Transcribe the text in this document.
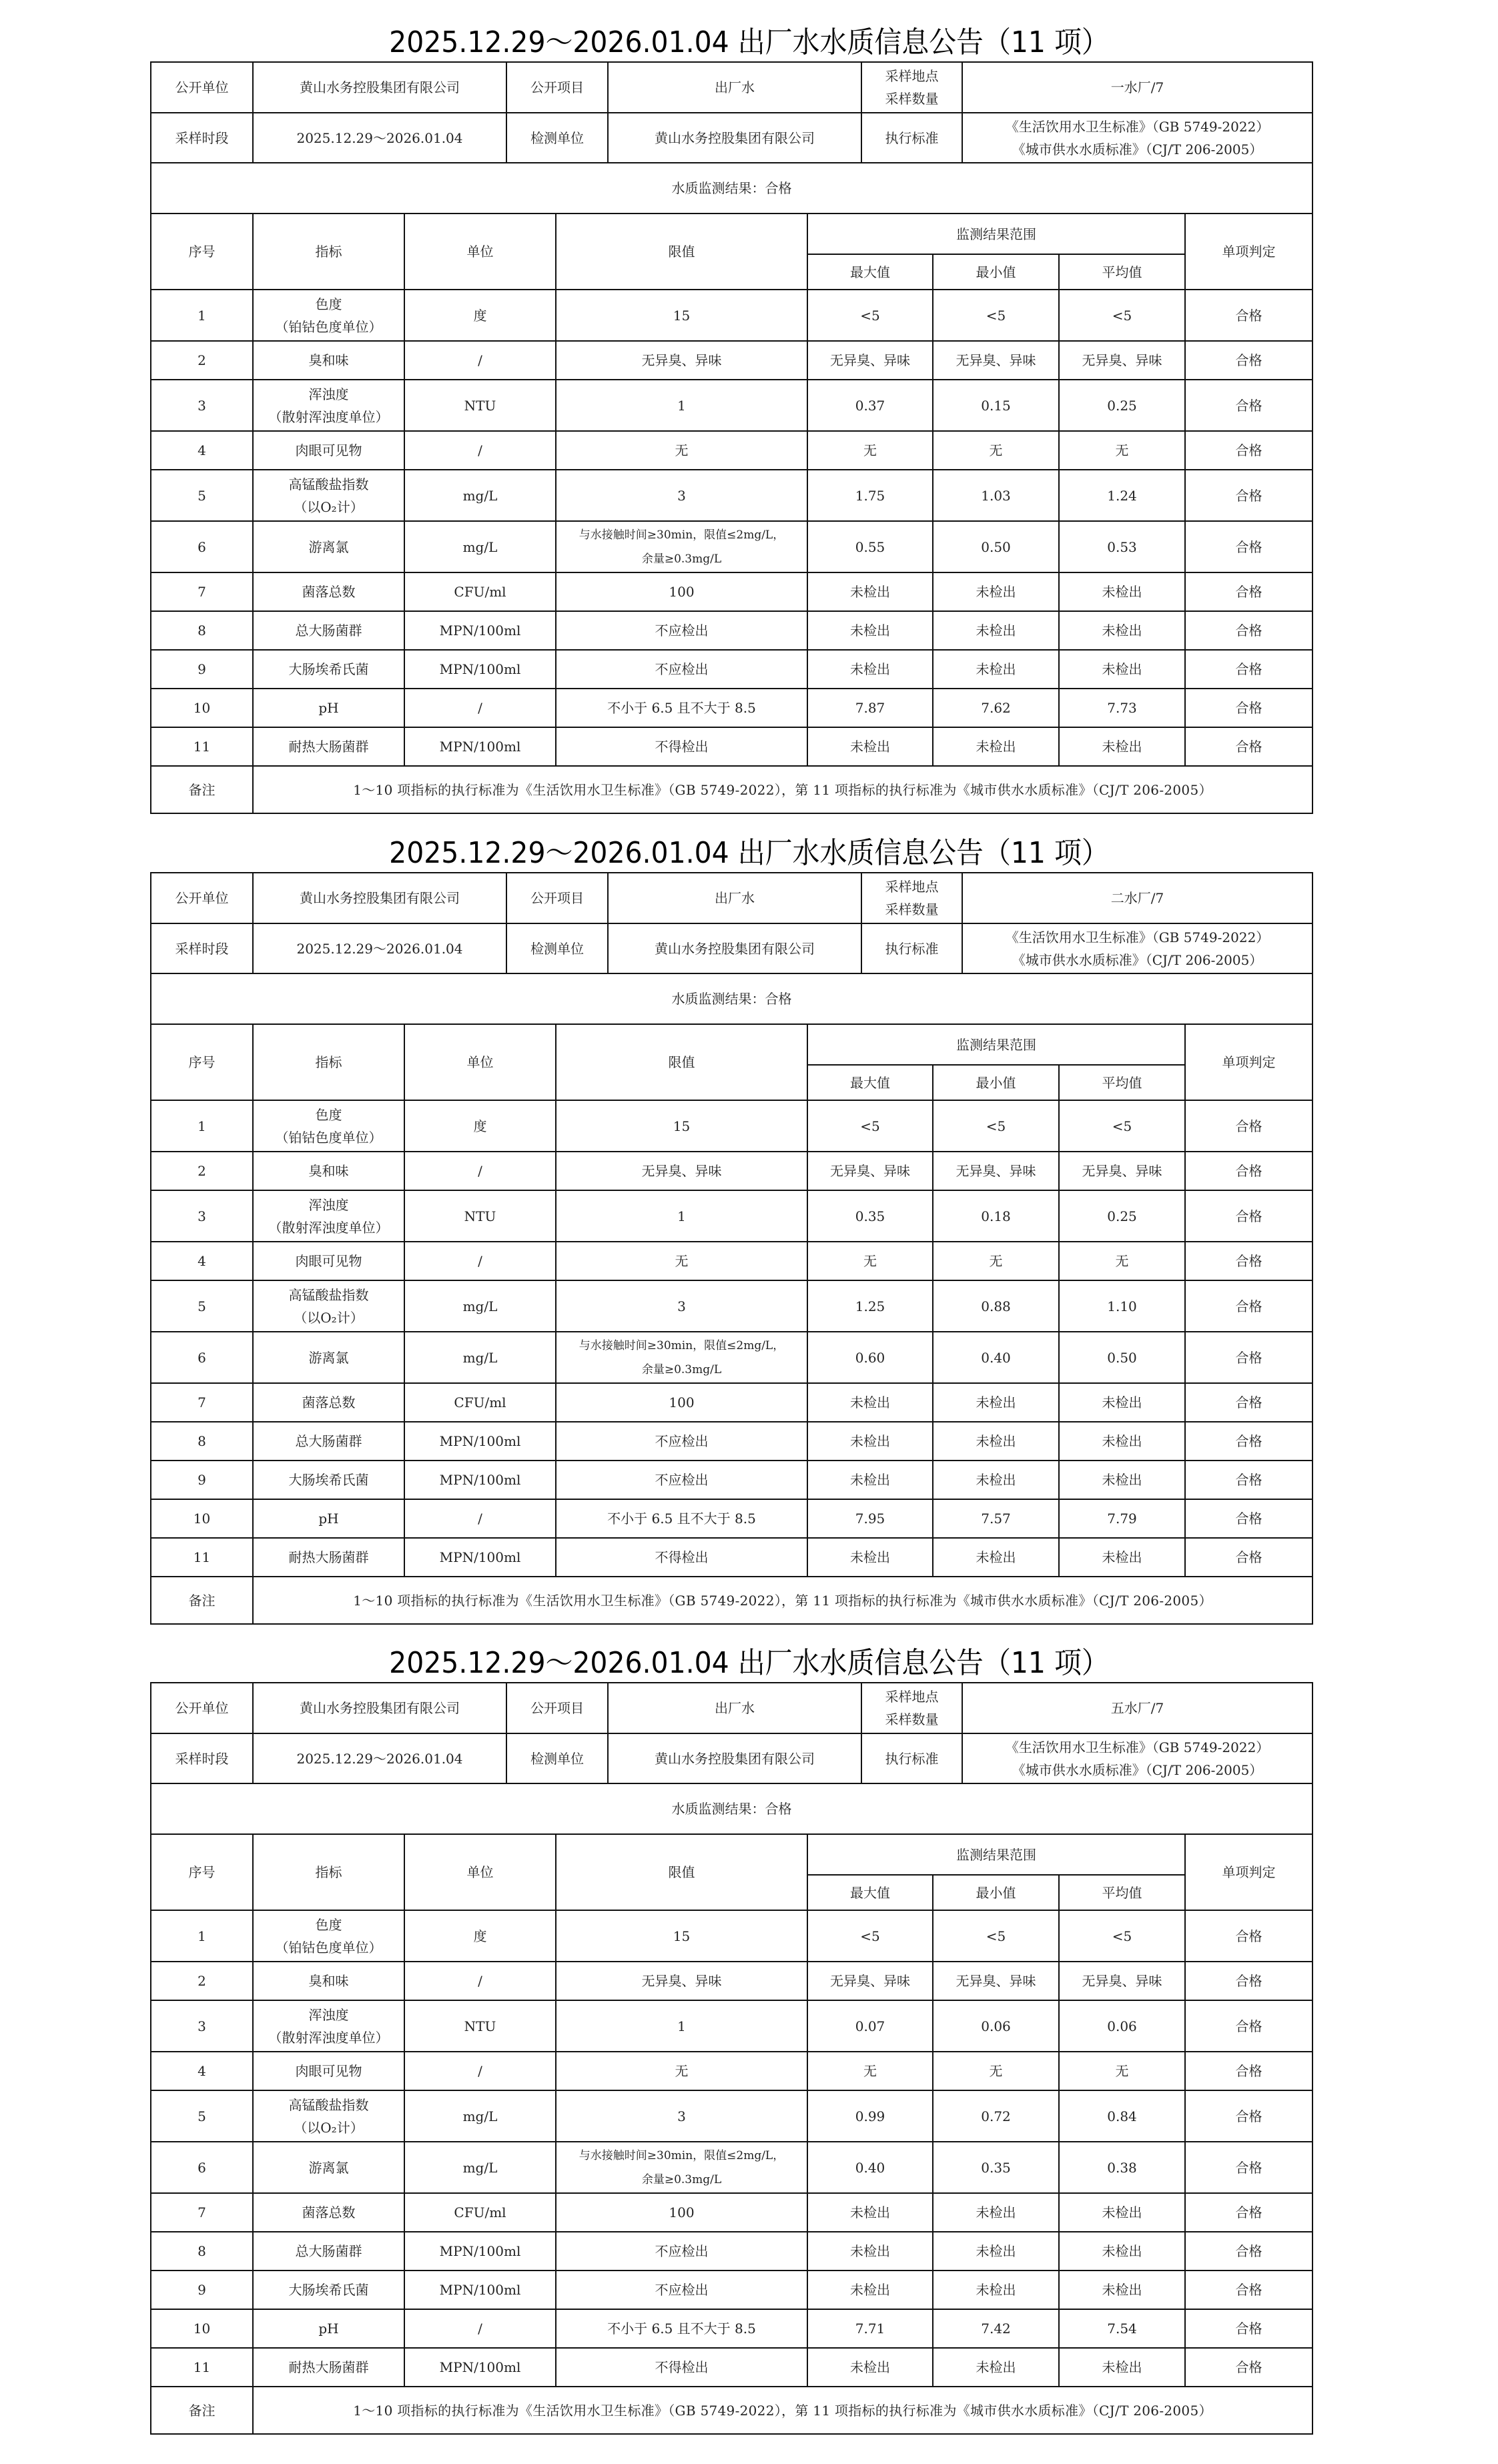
2025.12.29～2026.01.04 出厂水水质信息公告（11 项）
公开单位	黄山水务控股集团有限公司	公开项目	出厂水	采样地点
采样数量	一水厂/7
采样时段	2025.12.29～2026.01.04	检测单位	黄山水务控股集团有限公司	执行标准	《生活饮用水卫生标准》（GB 5749-2022）
《城市供水水质标准》（CJ/T 206-2005）

水质监测结果：合格					
序号	指标	单位	限值	监测结果范围			单项判定
				最大值	最小值	平均值	
1	色度
（铂钴色度单位）	度	15	<5	<5	<5	合格
2	臭和味	/	无异臭、异味	无异臭、异味	无异臭、异味	无异臭、异味	合格
3	浑浊度
（散射浑浊度单位）	NTU	1	0.37	0.15	0.25	合格
4	肉眼可见物	/	无	无	无	无	合格
5	高锰酸盐指数
（以O₂计）	mg/L	3	1.75	1.03	1.24	合格
6	游离氯	mg/L	与水接触时间≥30min，限值≤2mg/L，
余量≥0.3mg/L	0.55	0.50	0.53	合格
7	菌落总数	CFU/ml	100	未检出	未检出	未检出	合格
8	总大肠菌群	MPN/100ml	不应检出	未检出	未检出	未检出	合格
9	大肠埃希氏菌	MPN/100ml	不应检出	未检出	未检出	未检出	合格
10	pH	/	不小于 6.5 且不大于 8.5	7.87	7.62	7.73	合格
11	耐热大肠菌群	MPN/100ml	不得检出	未检出	未检出	未检出	合格
备注	1～10 项指标的执行标准为《生活饮用水卫生标准》（GB 5749-2022），第 11 项指标的执行标准为《城市供水水质标准》（CJ/T 206-2005）						
2025.12.29～2026.01.04 出厂水水质信息公告（11 项）
公开单位	黄山水务控股集团有限公司	公开项目	出厂水	采样地点
采样数量	二水厂/7
采样时段	2025.12.29～2026.01.04	检测单位	黄山水务控股集团有限公司	执行标准	《生活饮用水卫生标准》（GB 5749-2022）
《城市供水水质标准》（CJ/T 206-2005）

水质监测结果：合格					
序号	指标	单位	限值	监测结果范围			单项判定
				最大值	最小值	平均值	
1	色度
（铂钴色度单位）	度	15	<5	<5	<5	合格
2	臭和味	/	无异臭、异味	无异臭、异味	无异臭、异味	无异臭、异味	合格
3	浑浊度
（散射浑浊度单位）	NTU	1	0.35	0.18	0.25	合格
4	肉眼可见物	/	无	无	无	无	合格
5	高锰酸盐指数
（以O₂计）	mg/L	3	1.25	0.88	1.10	合格
6	游离氯	mg/L	与水接触时间≥30min，限值≤2mg/L，
余量≥0.3mg/L	0.60	0.40	0.50	合格
7	菌落总数	CFU/ml	100	未检出	未检出	未检出	合格
8	总大肠菌群	MPN/100ml	不应检出	未检出	未检出	未检出	合格
9	大肠埃希氏菌	MPN/100ml	不应检出	未检出	未检出	未检出	合格
10	pH	/	不小于 6.5 且不大于 8.5	7.95	7.57	7.79	合格
11	耐热大肠菌群	MPN/100ml	不得检出	未检出	未检出	未检出	合格
备注	1～10 项指标的执行标准为《生活饮用水卫生标准》（GB 5749-2022），第 11 项指标的执行标准为《城市供水水质标准》（CJ/T 206-2005）						
2025.12.29～2026.01.04 出厂水水质信息公告（11 项）
公开单位	黄山水务控股集团有限公司	公开项目	出厂水	采样地点
采样数量	五水厂/7
采样时段	2025.12.29～2026.01.04	检测单位	黄山水务控股集团有限公司	执行标准	《生活饮用水卫生标准》（GB 5749-2022）
《城市供水水质标准》（CJ/T 206-2005）

水质监测结果：合格					
序号	指标	单位	限值	监测结果范围			单项判定
				最大值	最小值	平均值	
1	色度
（铂钴色度单位）	度	15	<5	<5	<5	合格
2	臭和味	/	无异臭、异味	无异臭、异味	无异臭、异味	无异臭、异味	合格
3	浑浊度
（散射浑浊度单位）	NTU	1	0.07	0.06	0.06	合格
4	肉眼可见物	/	无	无	无	无	合格
5	高锰酸盐指数
（以O₂计）	mg/L	3	0.99	0.72	0.84	合格
6	游离氯	mg/L	与水接触时间≥30min，限值≤2mg/L，
余量≥0.3mg/L	0.40	0.35	0.38	合格
7	菌落总数	CFU/ml	100	未检出	未检出	未检出	合格
8	总大肠菌群	MPN/100ml	不应检出	未检出	未检出	未检出	合格
9	大肠埃希氏菌	MPN/100ml	不应检出	未检出	未检出	未检出	合格
10	pH	/	不小于 6.5 且不大于 8.5	7.71	7.42	7.54	合格
11	耐热大肠菌群	MPN/100ml	不得检出	未检出	未检出	未检出	合格
备注	1～10 项指标的执行标准为《生活饮用水卫生标准》（GB 5749-2022），第 11 项指标的执行标准为《城市供水水质标准》（CJ/T 206-2005）						
